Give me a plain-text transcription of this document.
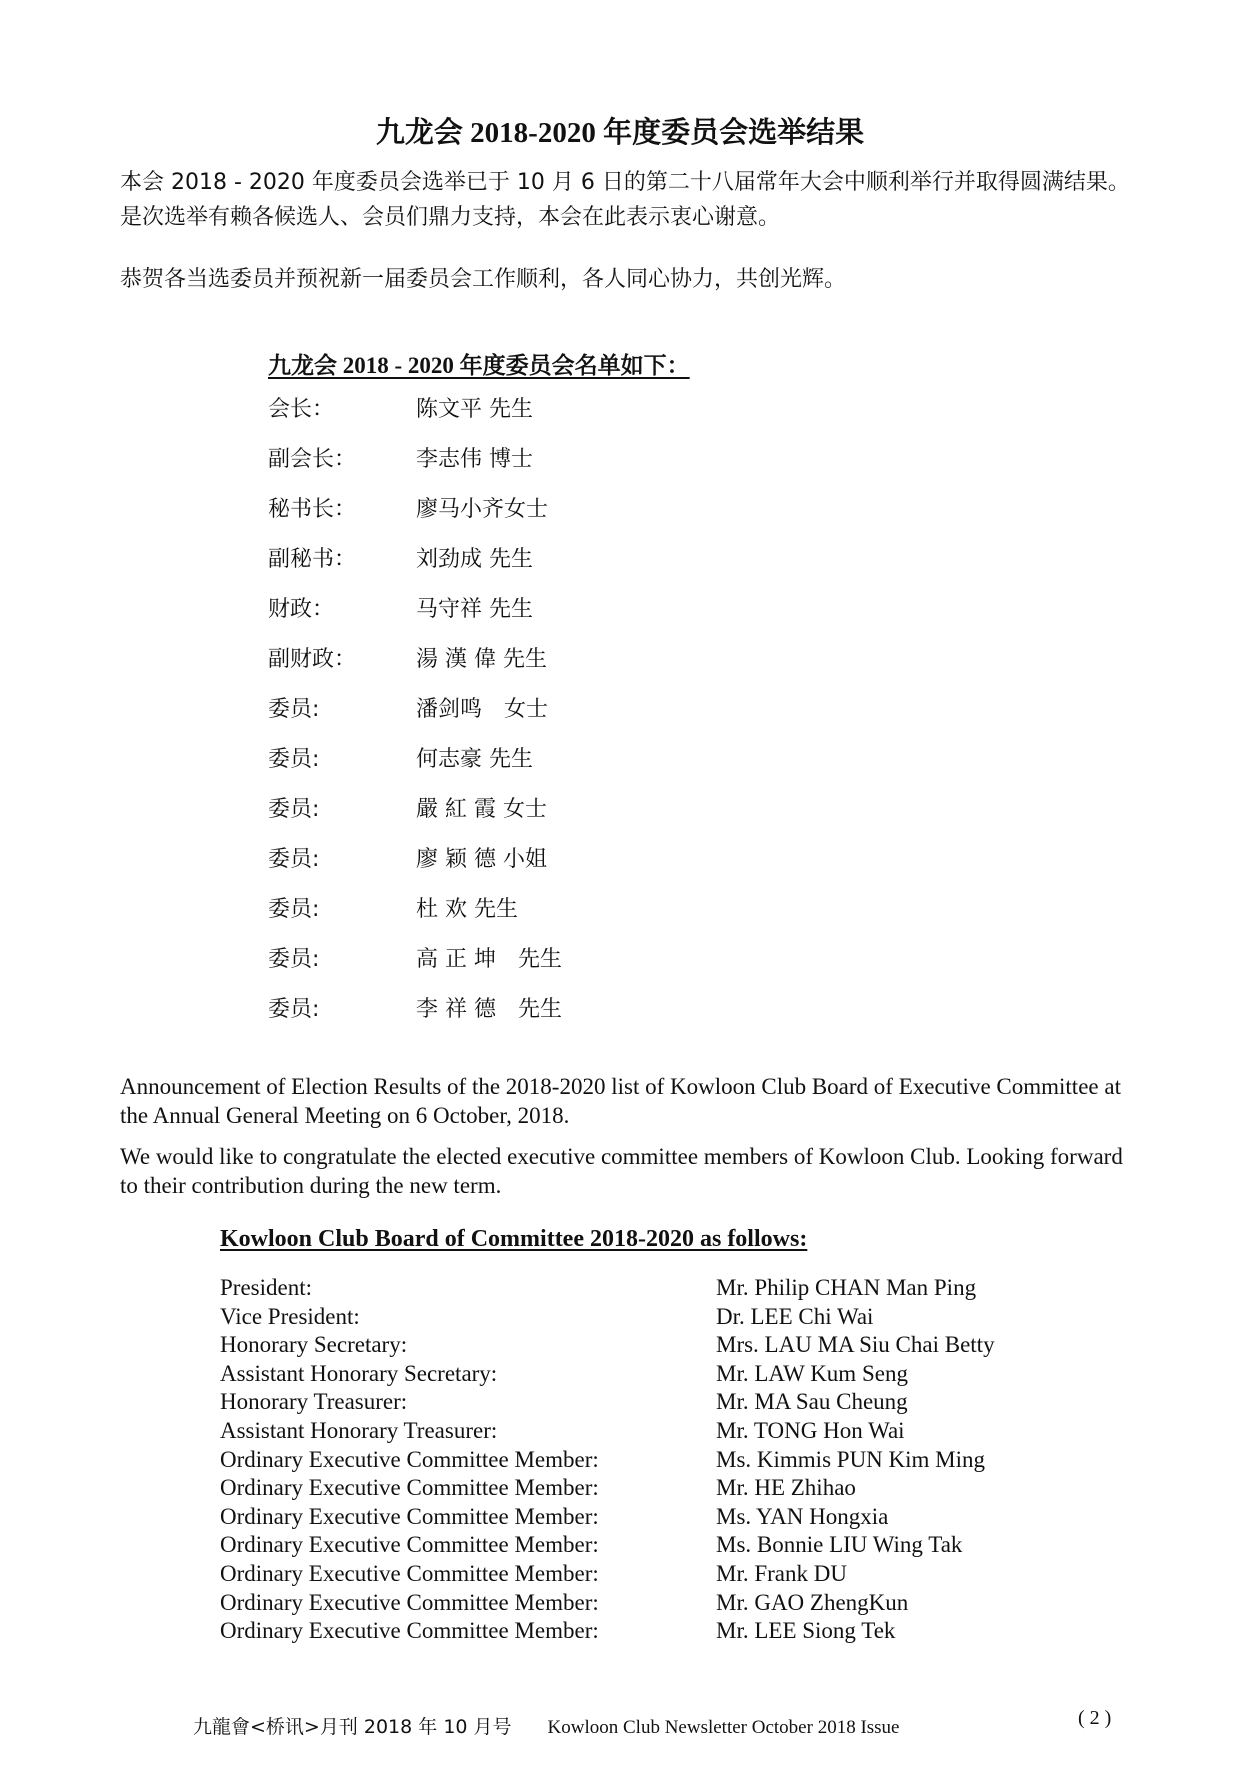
九龙会 2018-2020 年度委员会选举结果
本会 2018 - 2020 年度委员会选举已于 10 月 6 日的第二十八届常年大会中顺利举行并取得圆满结果。是次选举有赖各候选人、会员们鼎力支持，本会在此表示衷心谢意。
恭贺各当选委员并预祝新一届委员会工作顺利，各人同心协力，共创光辉。
九龙会 2018 - 2020 年度委员会名单如下：
会长：	陈文平 先生
副会长：	李志伟 博士
秘书长：	廖马小齐女士
副秘书：	刘劲成 先生
财政：	马守祥 先生
副财政：	湯 漢 偉 先生
委员:	潘剑鸣　女士
委员:	何志豪 先生
委员:	嚴 紅 霞 女士
委员:	廖 颖 德 小姐
委员:	杜 欢 先生
委员:	高 正 坤　先生
委员:	李 祥 德　先生
Announcement of Election Results of the 2018-2020 list of Kowloon Club Board of Executive Committee at the Annual General Meeting on 6 October, 2018.
We would like to congratulate the elected executive committee members of Kowloon Club. Looking forward to their contribution during the new term.
Kowloon Club Board of Committee 2018-2020 as follows:
President:	Mr. Philip CHAN Man Ping
Vice President:	Dr. LEE Chi Wai
Honorary Secretary:	Mrs. LAU MA Siu Chai Betty
Assistant Honorary Secretary:	Mr. LAW Kum Seng
Honorary Treasurer:	Mr. MA Sau Cheung
Assistant Honorary Treasurer:	Mr. TONG Hon Wai
Ordinary Executive Committee Member:	Ms. Kimmis PUN Kim Ming
Ordinary Executive Committee Member:	Mr. HE Zhihao
Ordinary Executive Committee Member:	Ms. YAN Hongxia
Ordinary Executive Committee Member:	Ms. Bonnie LIU Wing Tak
Ordinary Executive Committee Member:	Mr. Frank DU
Ordinary Executive Committee Member:	Mr. GAO ZhengKun
Ordinary Executive Committee Member:	Mr. LEE Siong Tek
九龍會<桥讯>月刊 2018 年 10 月号 Kowloon Club Newsletter October 2018 Issue	( 2 )
